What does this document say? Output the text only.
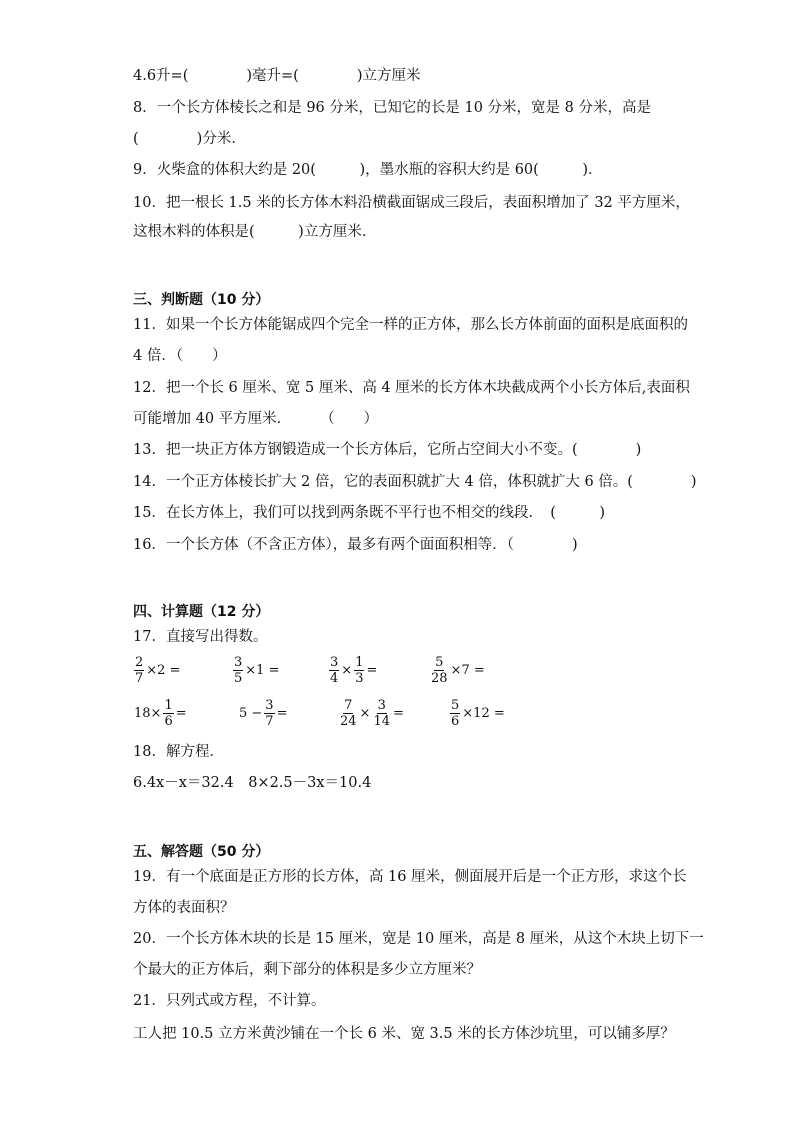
4.6升=(　　　　)毫升=(　　　　)立方厘米
8．一个长方体棱长之和是 96 分米，已知它的长是 10 分米，宽是 8 分米，高是
(　　　　)分米．
9．火柴盒的体积大约是 20(　　　)，墨水瓶的容积大约是 60(　　　)．
10．把一根长 1.5 米的长方体木料沿横截面锯成三段后，表面积增加了 32 平方厘米，
这根木料的体积是(　　　)立方厘米．
三、判断题（10 分）
11．如果一个长方体能锯成四个完全一样的正方体，那么长方体前面的面积是底面积的
4 倍．（　　）
12．把一个长 6 厘米、宽 5 厘米、高 4 厘米的长方体木块截成两个小长方体后,表面积
可能增加 40 平方厘米．　　　（　　）
13．把一块正方体方钢锻造成一个长方体后，它所占空间大小不变。(　　　　)
14．一个正方体棱长扩大 2 倍，它的表面积就扩大 4 倍，体积就扩大 6 倍。(　　　　)
15．在长方体上，我们可以找到两条既不平行也不相交的线段．　(　　　)
16．一个长方体（不含正方体），最多有两个面面积相等．（　　　　)
四、计算题（12 分）
17．直接写出得数。
$\frac{2}{7} \times 2$ =	$\frac{3}{5} \times 1$ =	$\frac{3}{4} \times \frac{1}{3}$ =	$\frac{5}{28} \times 7$ =
$18\times \frac{1}{6}$ =	$5 - \frac{3}{7}$ =	$\frac{7}{24} \times \frac{3}{14}$ =	$\frac{5}{6} \times 12$ =
18．解方程．
6.4x－x＝32.4　8×2.5－3x＝10.4
五、解答题（50 分）
19．有一个底面是正方形的长方体，高 16 厘米，侧面展开后是一个正方形，求这个长
方体的表面积？
20．一个长方体木块的长是 15 厘米，宽是 10 厘米，高是 8 厘米，从这个木块上切下一
个最大的正方体后，剩下部分的体积是多少立方厘米？
21．只列式或方程，不计算。
工人把 10.5 立方米黄沙铺在一个长 6 米、宽 3.5 米的长方体沙坑里，可以铺多厚？
